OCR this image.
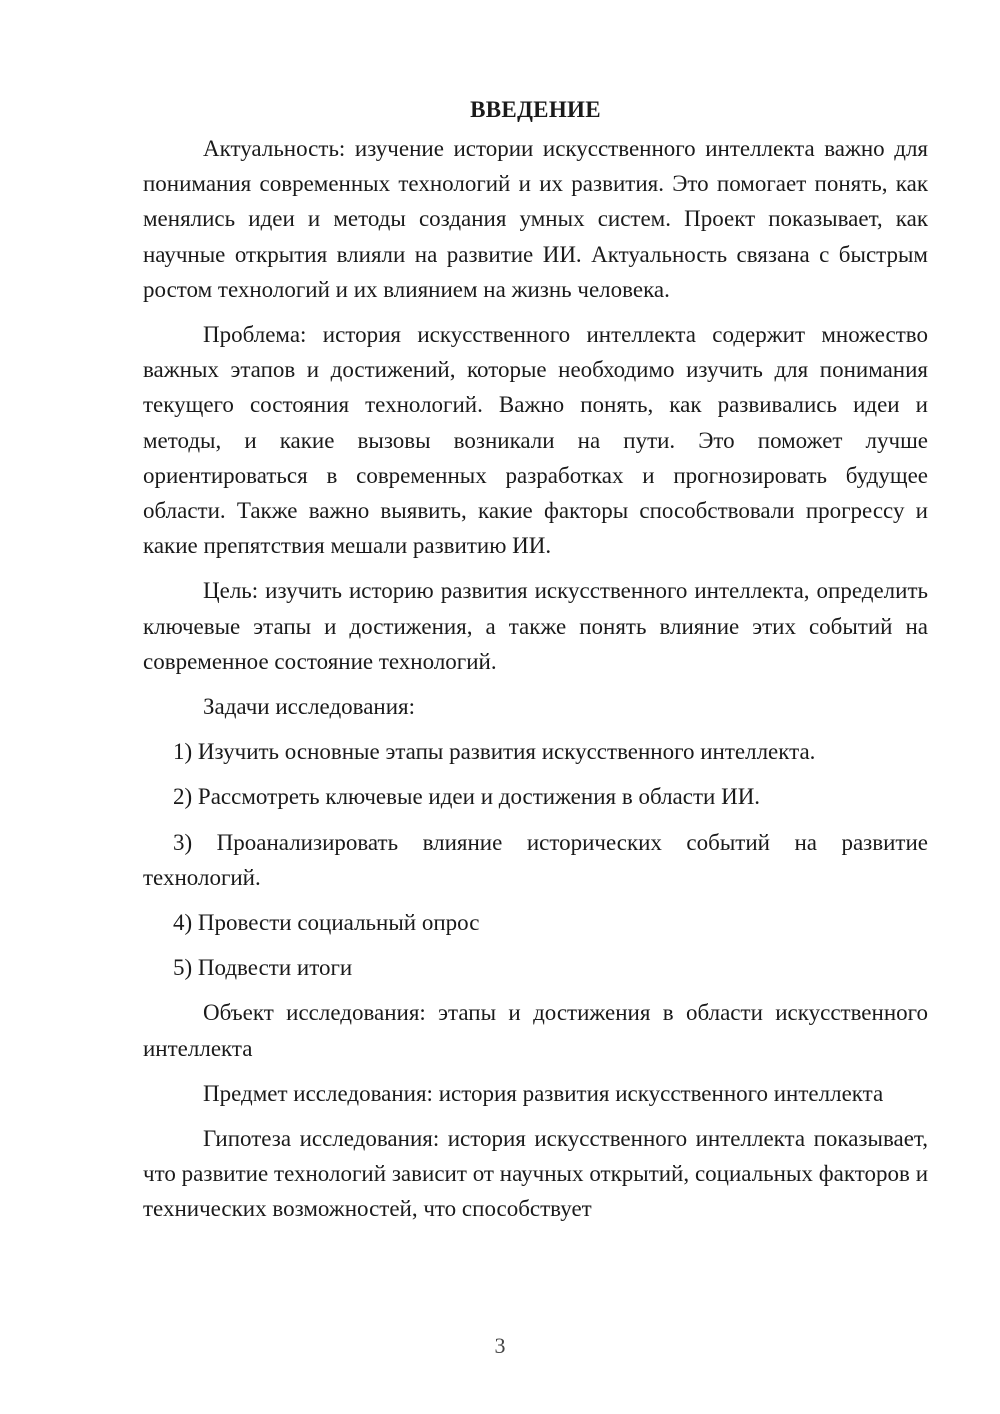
ВВЕДЕНИЕ

Актуальность: изучение истории искусственного интеллекта важно для понимания современных технологий и их развития. Это помогает понять, как менялись идеи и методы создания умных систем. Проект показывает, как научные открытия влияли на развитие ИИ. Актуальность связана с быстрым ростом технологий и их влиянием на жизнь человека.

Проблема: история искусственного интеллекта содержит множество важных этапов и достижений, которые необходимо изучить для понимания текущего состояния технологий. Важно понять, как развивались идеи и методы, и какие вызовы возникали на пути. Это поможет лучше ориентироваться в современных разработках и прогнозировать будущее области. Также важно выявить, какие факторы способствовали прогрессу и какие препятствия мешали развитию ИИ.

Цель: изучить историю развития искусственного интеллекта, определить ключевые этапы и достижения, а также понять влияние этих событий на современное состояние технологий.

Задачи исследования:

1) Изучить основные этапы развития искусственного интеллекта.

2) Рассмотреть ключевые идеи и достижения в области ИИ.

3) Проанализировать влияние исторических событий на развитие технологий.

4) Провести социальный опрос

5) Подвести итоги

Объект исследования: этапы и достижения в области искусственного интеллекта

Предмет исследования: история развития искусственного интеллекта

Гипотеза исследования: история искусственного интеллекта показывает, что развитие технологий зависит от научных открытий, социальных факторов и технических возможностей, что способствует

3
